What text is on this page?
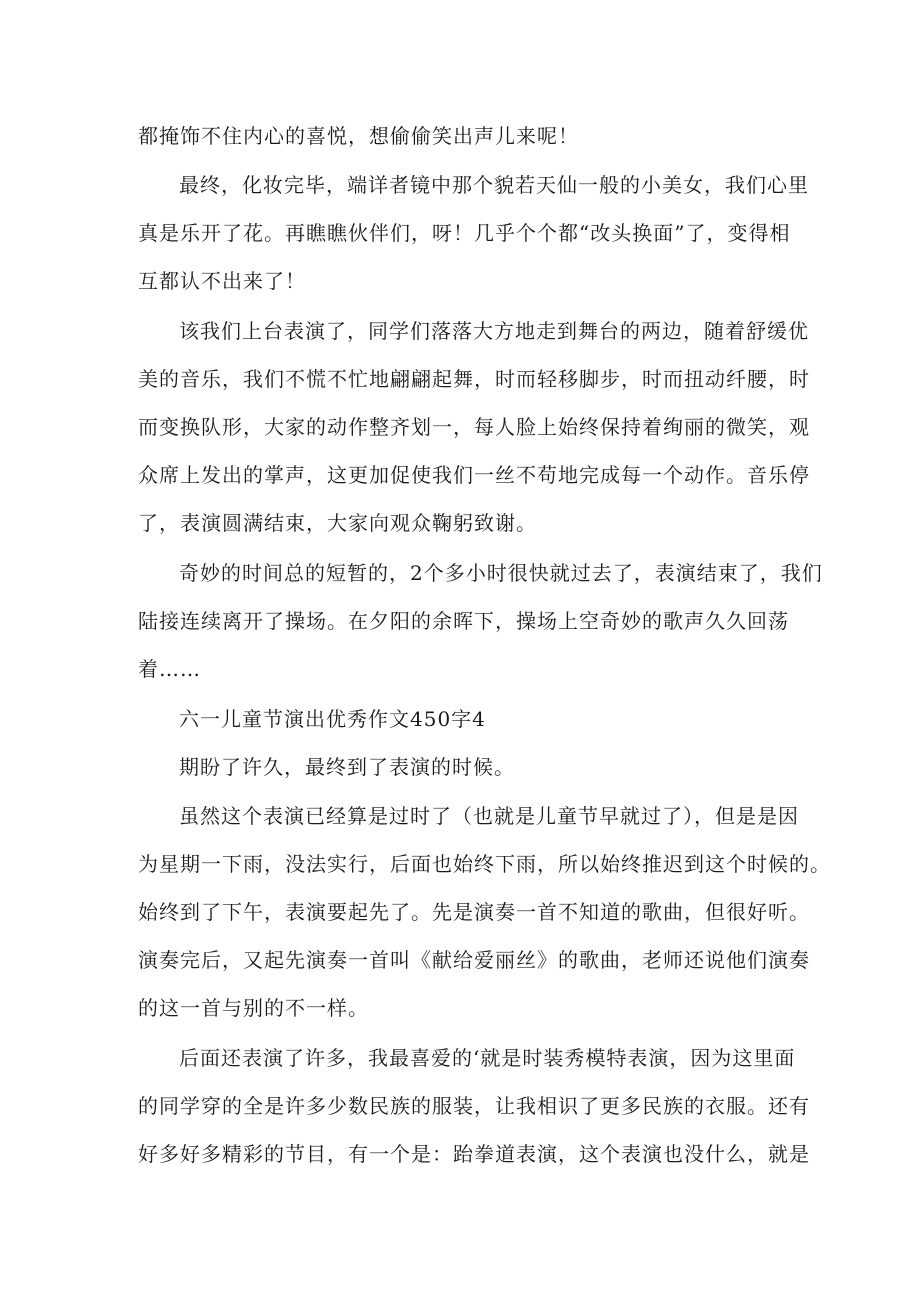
都掩饰不住内心的喜悦，想偷偷笑出声儿来呢！
最终，化妆完毕，端详者镜中那个貌若天仙一般的小美女，我们心里
真是乐开了花。再瞧瞧伙伴们，呀！几乎个个都“改头换面”了，变得相
互都认不出来了！
该我们上台表演了，同学们落落大方地走到舞台的两边，随着舒缓优
美的音乐，我们不慌不忙地翩翩起舞，时而轻移脚步，时而扭动纤腰，时
而变换队形，大家的动作整齐划一，每人脸上始终保持着绚丽的微笑，观
众席上发出的掌声，这更加促使我们一丝不苟地完成每一个动作。音乐停
了，表演圆满结束，大家向观众鞠躬致谢。
奇妙的时间总的短暂的，2个多小时很快就过去了，表演结束了，我们
陆接连续离开了操场。在夕阳的余晖下，操场上空奇妙的歌声久久回荡
着……
六一儿童节演出优秀作文450字4
期盼了许久，最终到了表演的时候。
虽然这个表演已经算是过时了（也就是儿童节早就过了），但是是因
为星期一下雨，没法实行，后面也始终下雨，所以始终推迟到这个时候的。
始终到了下午，表演要起先了。先是演奏一首不知道的歌曲，但很好听。
演奏完后，又起先演奏一首叫《献给爱丽丝》的歌曲，老师还说他们演奏
的这一首与别的不一样。
后面还表演了许多，我最喜爱的‘就是时装秀模特表演，因为这里面
的同学穿的全是许多少数民族的服装，让我相识了更多民族的衣服。还有
好多好多精彩的节目，有一个是：跆拳道表演，这个表演也没什么，就是
